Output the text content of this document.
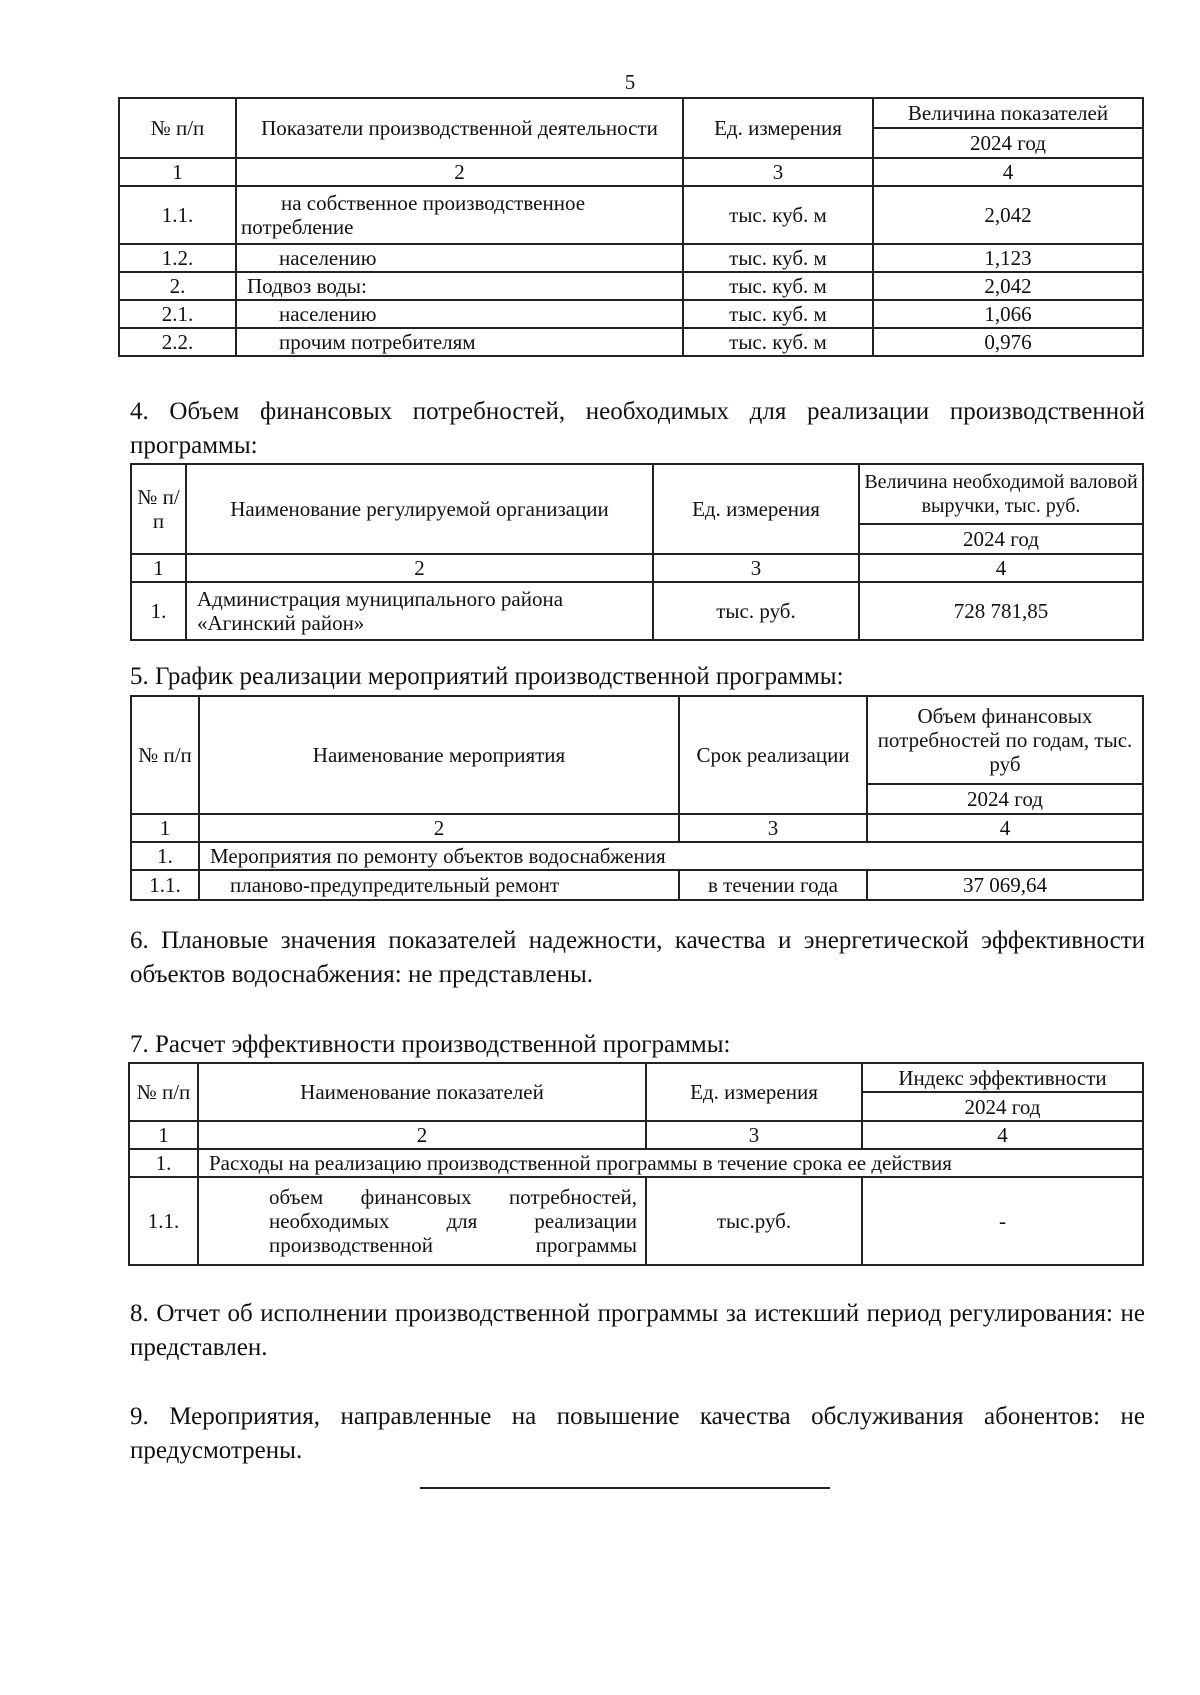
5
№ п/п	Показатели производственной деятельности	Ед. измерения	Величина показателей
			2024 год
1	2	3	4
1.1.	на собственное производственное потребление	тыс. куб. м	2,042
1.2.	населению	тыс. куб. м	1,123
2.	Подвоз воды:	тыс. куб. м	2,042
2.1.	населению	тыс. куб. м	1,066
2.2.	прочим потребителям	тыс. куб. м	0,976

4. Объем финансовых потребностей, необходимых для реализации производственной программы:

№ п/п	Наименование регулируемой организации	Ед. измерения	Величина необходимой валовой выручки, тыс. руб.
			2024 год
1	2	3	4
1.	Администрация муниципального района «Агинский район»	тыс. руб.	728 781,85

5. График реализации мероприятий производственной программы:

№ п/п	Наименование мероприятия	Срок реализации	Объем финансовых потребностей по годам, тыс. руб
			2024 год
1	2	3	4
1.	Мероприятия по ремонту объектов водоснабжения		
1.1.	планово-предупредительный ремонт	в течении года	37 069,64

6. Плановые значения показателей надежности, качества и энергетической эффективности объектов водоснабжения: не представлены.

7. Расчет эффективности производственной программы:

№ п/п	Наименование показателей	Ед. измерения	Индекс эффективности
			2024 год
1	2	3	4
1.	Расходы на реализацию производственной программы в течение срока ее действия		
1.1.	объем финансовых потребностей, необходимых для реализации производственной программы	тыс.руб.	-

8. Отчет об исполнении производственной программы за истекший период регулирования: не представлен.

9. Мероприятия, направленные на повышение качества обслуживания абонентов: не предусмотрены.
